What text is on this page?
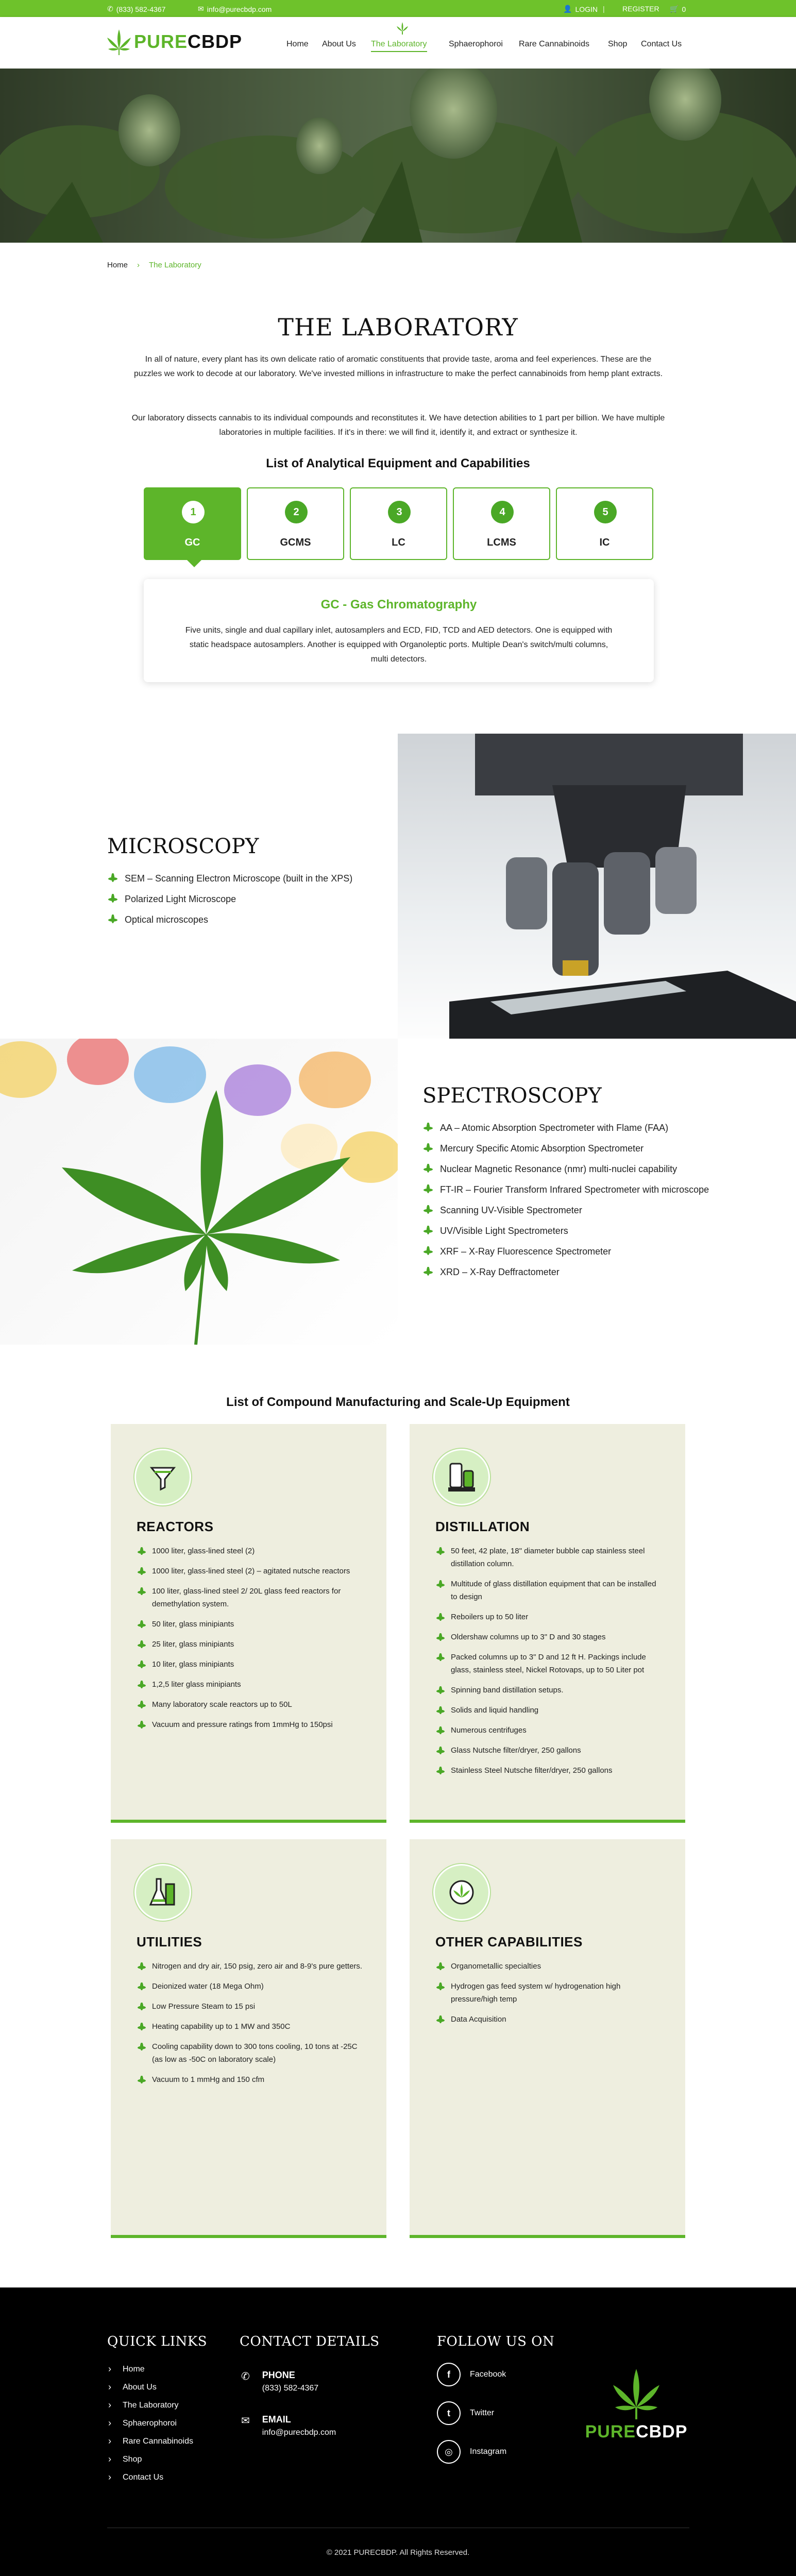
✆ (833) 582-4367	✉ info@purecbdp.com	👤 LOGIN | REGISTER 🛒 0
PURECBDP	Home About Us The Laboratory	Sphaerophoroi Rare Cannabinoids Shop Contact Us
Home › The Laboratory
THE LABORATORY

In all of nature, every plant has its own delicate ratio of aromatic constituents that provide taste, aroma and feel experiences. These are the puzzles we work to decode at our laboratory. We've invested millions in infrastructure to make the perfect cannabinoids from hemp plant extracts.

Our laboratory dissects cannabis to its individual compounds and reconstitutes it. We have detection abilities to 1 part per billion. We have multiple laboratories in multiple facilities. If it's in there: we will find it, identify it, and extract or synthesize it.

List of Analytical Equipment and Capabilities
1
GC
2
GCMS
3
LC
4
LCMS
5
IC
GC - Gas Chromatography

Five units, single and dual capillary inlet, autosamplers and ECD, FID, TCD and AED detectors. One is equipped with static headspace autosamplers. Another is equipped with Organoleptic ports. Multiple Dean's switch/multi columns, multi detectors.

MICROSCOPY
SEM – Scanning Electron Microscope (built in the XPS)
Polarized Light Microscope
Optical microscopes
SPECTROSCOPY
AA – Atomic Absorption Spectrometer with Flame (FAA)
Mercury Specific Atomic Absorption Spectrometer
Nuclear Magnetic Resonance (nmr) multi-nuclei capability
FT-IR – Fourier Transform Infrared Spectrometer with microscope
Scanning UV-Visible Spectrometer
UV/Visible Light Spectrometers
XRF – X-Ray Fluorescence Spectrometer
XRD – X-Ray Deffractometer
List of Compound Manufacturing and Scale-Up Equipment
REACTORS
1000 liter, glass-lined steel (2)
1000 liter, glass-lined steel (2) – agitated nutsche reactors
100 liter, glass-lined steel 2/ 20L glass feed reactors for demethylation system.
50 liter, glass minipiants
25 liter, glass minipiants
10 liter, glass minipiants
1,2,5 liter glass minipiants
Many laboratory scale reactors up to 50L
Vacuum and pressure ratings from 1mmHg to 150psi
DISTILLATION
50 feet, 42 plate, 18" diameter bubble cap stainless steel distillation column.
Multitude of glass distillation equipment that can be installed to design
Reboilers up to 50 liter
Oldershaw columns up to 3" D and 30 stages
Packed columns up to 3" D and 12 ft H. Packings include glass, stainless steel, Nickel Rotovaps, up to 50 Liter pot
Spinning band distillation setups.
Solids and liquid handling
Numerous centrifuges
Glass Nutsche filter/dryer, 250 gallons
Stainless Steel Nutsche filter/dryer, 250 gallons
UTILITIES
Nitrogen and dry air, 150 psig, zero air and 8-9's pure getters.
Deionized water (18 Mega Ohm)
Low Pressure Steam to 15 psi
Heating capability up to 1 MW and 350C
Cooling capability down to 300 tons cooling, 10 tons at -25C (as low as -50C on laboratory scale)
Vacuum to 1 mmHg and 150 cfm
OTHER CAPABILITIES
Organometallic specialties
Hydrogen gas feed system w/ hydrogenation high pressure/high temp
Data Acquisition
QUICK LINKS
› Home
› About Us
› The Laboratory
› Sphaerophoroi
› Rare Cannabinoids
› Shop
› Contact Us
CONTACT DETAILS
✆ PHONE
(833) 582-4367
✉ EMAIL
info@purecbdp.com
FOLLOW US ON
f	Facebook
t	Twitter
◎	Instagram
PURECBDP
© 2021 PURECBDP. All Rights Reserved.
